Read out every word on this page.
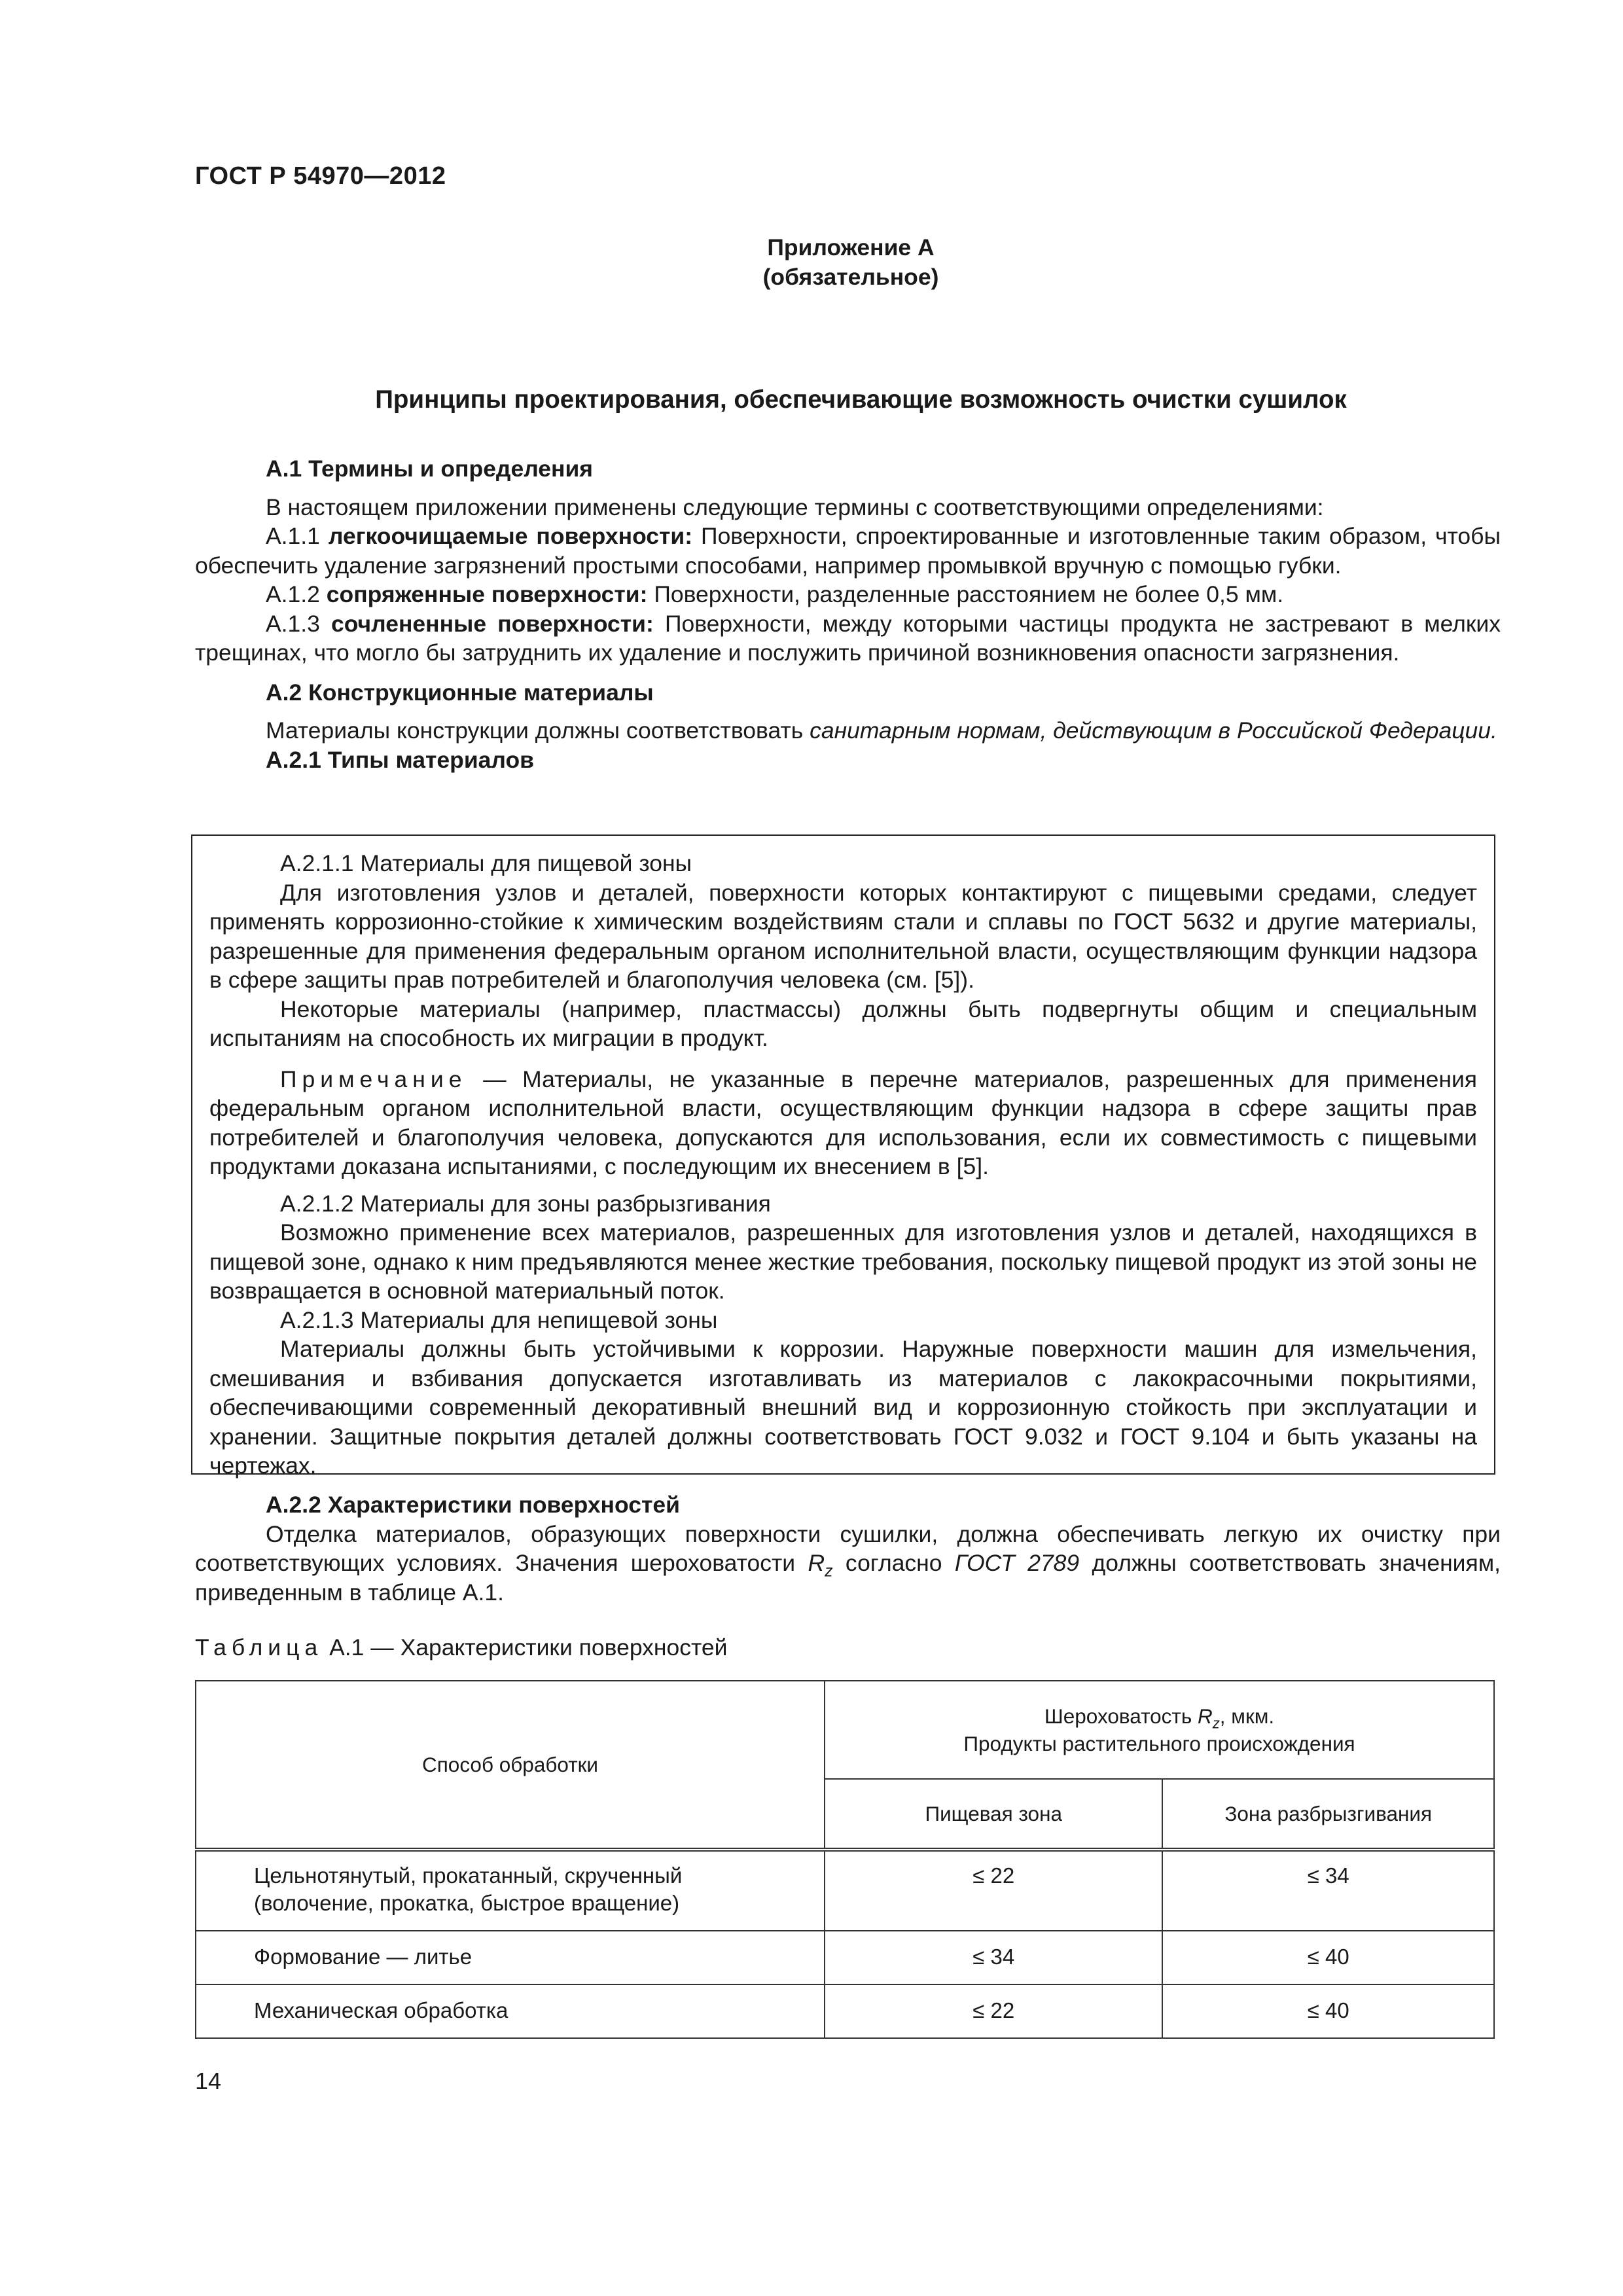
ГОСТ Р 54970—2012
Приложение А
(обязательное)
Принципы проектирования, обеспечивающие возможность очистки сушилок

А.1 Термины и определения

В настоящем приложении применены следующие термины с соответствующими определениями:

А.1.1 легкоочищаемые поверхности: Поверхности, спроектированные и изготовленные таким образом, чтобы обеспечить удаление загрязнений простыми способами, например промывкой вручную с помощью губки.

А.1.2 сопряженные поверхности: Поверхности, разделенные расстоянием не более 0,5 мм.

А.1.3 сочлененные поверхности: Поверхности, между которыми частицы продукта не застревают в мелких трещинах, что могло бы затруднить их удаление и послужить причиной возникновения опасности загрязнения.

А.2 Конструкционные материалы

Материалы конструкции должны соответствовать санитарным нормам, действующим в Российской Федерации.

А.2.1 Типы материалов

А.2.1.1 Материалы для пищевой зоны

Для изготовления узлов и деталей, поверхности которых контактируют с пищевыми средами, следует применять коррозионно-стойкие к химическим воздействиям стали и сплавы по ГОСТ 5632 и другие материалы, разрешенные для применения федеральным органом исполнительной власти, осуществляющим функции надзора в сфере защиты прав потребителей и благополучия человека (см. [5]).

Некоторые материалы (например, пластмассы) должны быть подвергнуты общим и специальным испытаниям на способность их миграции в продукт.

Примечание — Материалы, не указанные в перечне материалов, разрешенных для применения федеральным органом исполнительной власти, осуществляющим функции надзора в сфере защиты прав потребителей и благополучия человека, допускаются для использования, если их совместимость с пищевыми продуктами доказана испытаниями, с последующим их внесением в [5].

А.2.1.2 Материалы для зоны разбрызгивания

Возможно применение всех материалов, разрешенных для изготовления узлов и деталей, находящихся в пищевой зоне, однако к ним предъявляются менее жесткие требования, поскольку пищевой продукт из этой зоны не возвращается в основной материальный поток.

А.2.1.3 Материалы для непищевой зоны

Материалы должны быть устойчивыми к коррозии. Наружные поверхности машин для измельчения, смешивания и взбивания допускается изготавливать из материалов с лакокрасочными покрытиями, обеспечивающими современный декоративный внешний вид и коррозионную стойкость при эксплуатации и хранении. Защитные покрытия деталей должны соответствовать ГОСТ 9.032 и ГОСТ 9.104 и быть указаны на чертежах.

А.2.2 Характеристики поверхностей

Отделка материалов, образующих поверхности сушилки, должна обеспечивать легкую их очистку при соответствующих условиях. Значения шероховатости $R_z$ согласно ГОСТ 2789 должны соответствовать значениям, приведенным в таблице А.1.

Таблица А.1 — Характеристики поверхностей
Способ обработки	Шероховатость $R_z$, мкм.
Продукты растительного происхождения	

	Пищевая зона	Зона разбрызгивания
Цельнотянутый, прокатанный, скрученный (волочение, прокатка, быстрое вращение)	≤ 22	≤ 34
Формование — литье	≤ 34	≤ 40
Механическая обработка	≤ 22	≤ 40
14
